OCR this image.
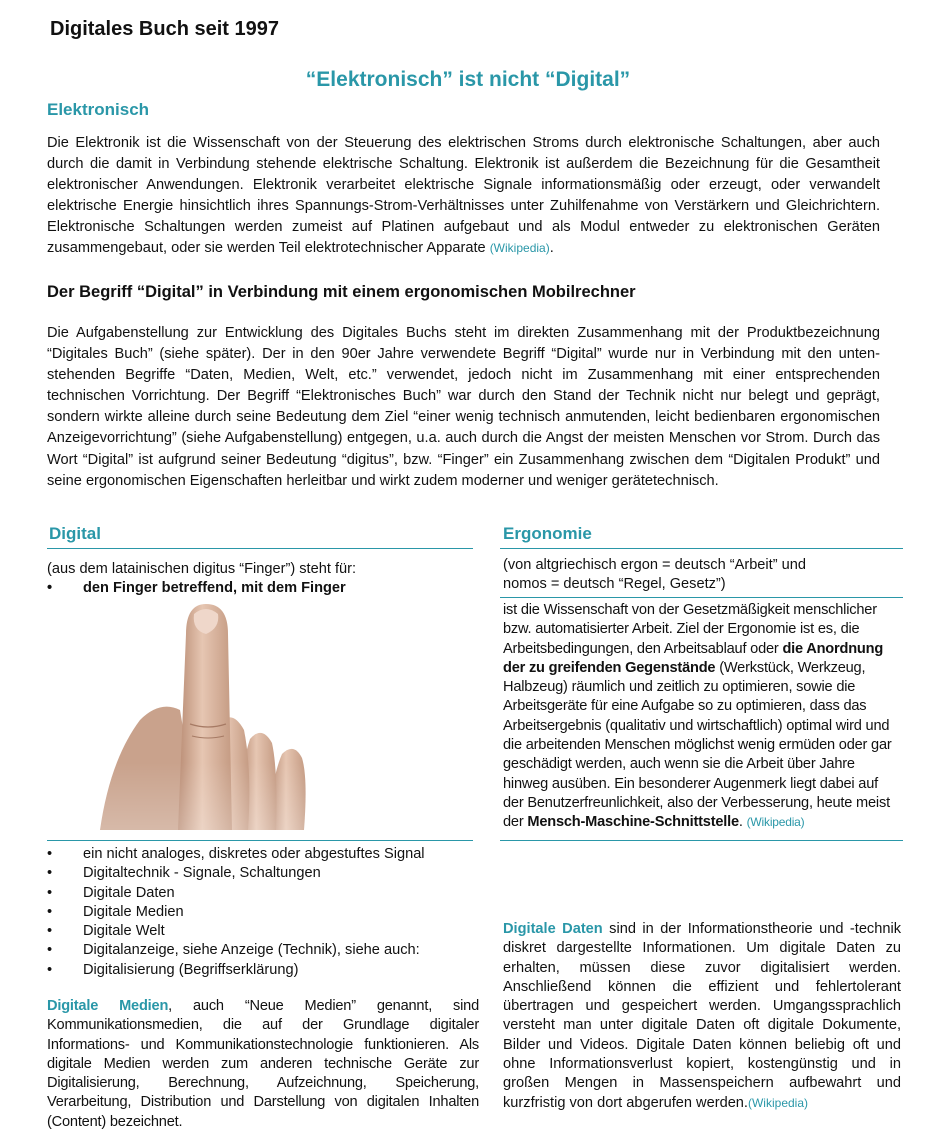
Digitales Buch seit 1997
“Elektronisch” ist nicht “Digital”
Elektronisch

Die Elektronik ist die Wissenschaft von der Steuerung des elektrischen Stroms durch elektronische Schaltungen, aber auch durch die damit in Verbindung stehende elektrische Schaltung. Elektronik ist außerdem die Bezeichnung für die Gesamtheit elektronischer Anwendungen. Elektronik verarbeitet elektrische Signale informationsmäßig oder erzeugt, oder verwandelt elektrische Energie hinsichtlich ihres Spannungs-Strom-Verhältnisses unter Zuhilfenahme von Verstärkern und Gleichrichtern. Elektronische Schaltungen werden zumeist auf Platinen aufgebaut und als Modul entweder zu elektronischen Geräten zusammengebaut, oder sie werden Teil elektrotechnischer Apparate (Wikipedia).

Der Begriff “Digital” in Verbindung mit einem ergonomischen Mobilrechner

Die Aufgabenstellung zur Entwicklung des Digitales Buchs steht im direkten Zusammenhang mit der Produktbezeichnung “Digitales Buch” (siehe später). Der in den 90er Jahre verwendete Begriff “Digital” wurde nur in Verbindung mit den unten-stehenden Begriffe “Daten, Medien, Welt, etc.” verwendet, jedoch nicht im Zusammenhang mit einer entsprechenden technischen Vorrichtung. Der Begriff “Elektronisches Buch” war durch den Stand der Technik nicht nur belegt und geprägt, sondern wirkte alleine durch seine Bedeutung dem Ziel “einer wenig technisch anmutenden, leicht bedienbaren ergonomischen Anzeigevorrichtung” (siehe Aufgabenstellung) entgegen, u.a. auch durch die Angst der meisten Menschen vor Strom. Durch das Wort “Digital” ist aufgrund seiner Bedeutung “digitus”, bzw. “Finger” ein Zusammenhang zwischen dem “Digitalen Produkt” und seine ergonomischen Eigenschaften herleitbar und wirkt zudem moderner und weniger gerätetechnisch.

Digital
(aus dem latainischen digitus “Finger”) steht für:
• den Finger betreffend, mit dem Finger
• ein nicht analoges, diskretes oder abgestuftes Signal
• Digitaltechnik - Signale, Schaltungen
• Digitale Daten
• Digitale Medien
• Digitale Welt
• Digitalanzeige, siehe Anzeige (Technik), siehe auch:
• Digitalisierung (Begriffserklärung)
Digitale Medien, auch “Neue Medien” genannt, sind Kommunikationsmedien, die auf der Grundlage digitaler Informations- und Kommunikationstechnologie funktionieren. Als digitale Medien werden zum anderen technische Geräte zur Digitalisierung, Berechnung, Aufzeichnung, Speicherung, Verarbeitung, Distribution und Darstellung von digitalen Inhalten (Content) bezeichnet.
Ergonomie
(von altgriechisch ergon = deutsch “Arbeit” und nomos = deutsch “Regel, Gesetz”)
ist die Wissenschaft von der Gesetzmäßigkeit menschlicher bzw. automatisierter Arbeit. Ziel der Ergonomie ist es, die Arbeitsbedingungen, den Arbeitsablauf oder die Anordnung der zu greifenden Gegenstände (Werkstück, Werkzeug, Halbzeug) räumlich und zeitlich zu optimieren, sowie die Arbeitsgeräte für eine Aufgabe so zu optimieren, dass das Arbeitsergebnis (qualitativ und wirtschaftlich) optimal wird und die arbeitenden Menschen möglichst wenig ermüden oder gar geschädigt werden, auch wenn sie die Arbeit über Jahre hinweg ausüben. Ein besonderer Augenmerk liegt dabei auf der Benutzerfreunlichkeit, also der Verbesserung, heute meist der Mensch-Maschine-Schnittstelle. (Wikipedia)
Digitale Daten sind in der Informationstheorie und -technik diskret dargestellte Informationen. Um digitale Daten zu erhalten, müssen diese zuvor digitalisiert werden. Anschließend können die effizient und fehlertolerant übertragen und gespeichert werden. Umgangssprachlich versteht man unter digitale Daten oft digitale Dokumente, Bilder und Videos. Digitale Daten können beliebig oft und ohne Informationsverlust kopiert, kostengünstig und in großen Mengen in Massenspeichern aufbewahrt und kurzfristig von dort abgerufen werden.(Wikipedia)
